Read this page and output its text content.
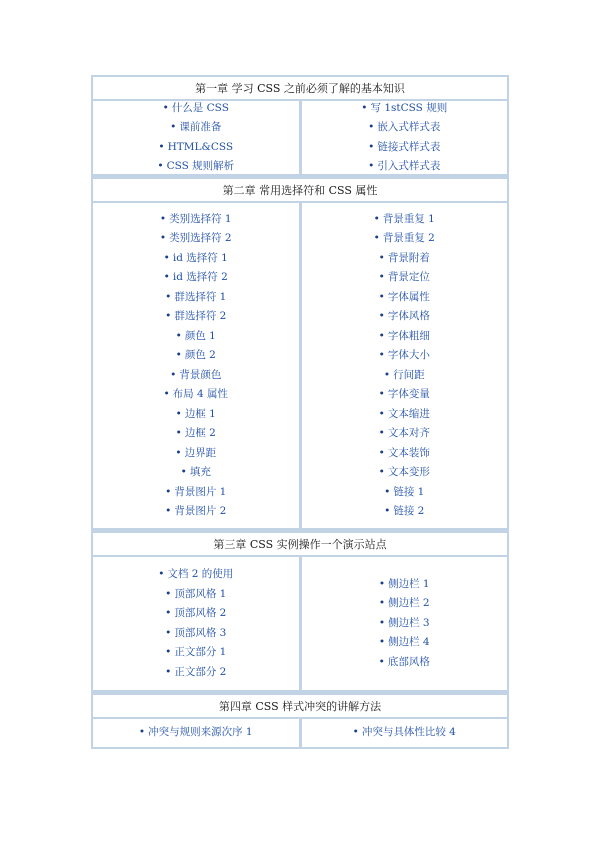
第一章 学习 CSS 之前必须了解的基本知识
• 什么是 CSS
• 课前准备
• HTML&CSS
• CSS 规则解析
• 写 1stCSS 规则
• 嵌入式样式表
• 链接式样式表
• 引入式样式表
第二章 常用选择符和 CSS 属性
• 类别选择符 1
• 类别选择符 2
• id 选择符 1
• id 选择符 2
• 群选择符 1
• 群选择符 2
• 颜色 1
• 颜色 2
• 背景颜色
• 布局 4 属性
• 边框 1
• 边框 2
• 边界距
• 填充
• 背景图片 1
• 背景图片 2
• 背景重复 1
• 背景重复 2
• 背景附着
• 背景定位
• 字体属性
• 字体风格
• 字体粗细
• 字体大小
• 行间距
• 字体变量
• 文本缩进
• 文本对齐
• 文本装饰
• 文本变形
• 链接 1
• 链接 2
第三章 CSS 实例操作一个演示站点
• 文档 2 的使用
• 顶部风格 1
• 顶部风格 2
• 顶部风格 3
• 正文部分 1
• 正文部分 2
• 侧边栏 1
• 侧边栏 2
• 侧边栏 3
• 侧边栏 4
• 底部风格
第四章 CSS 样式冲突的讲解方法
• 冲突与规则来源次序 1	• 冲突与具体性比较 4
